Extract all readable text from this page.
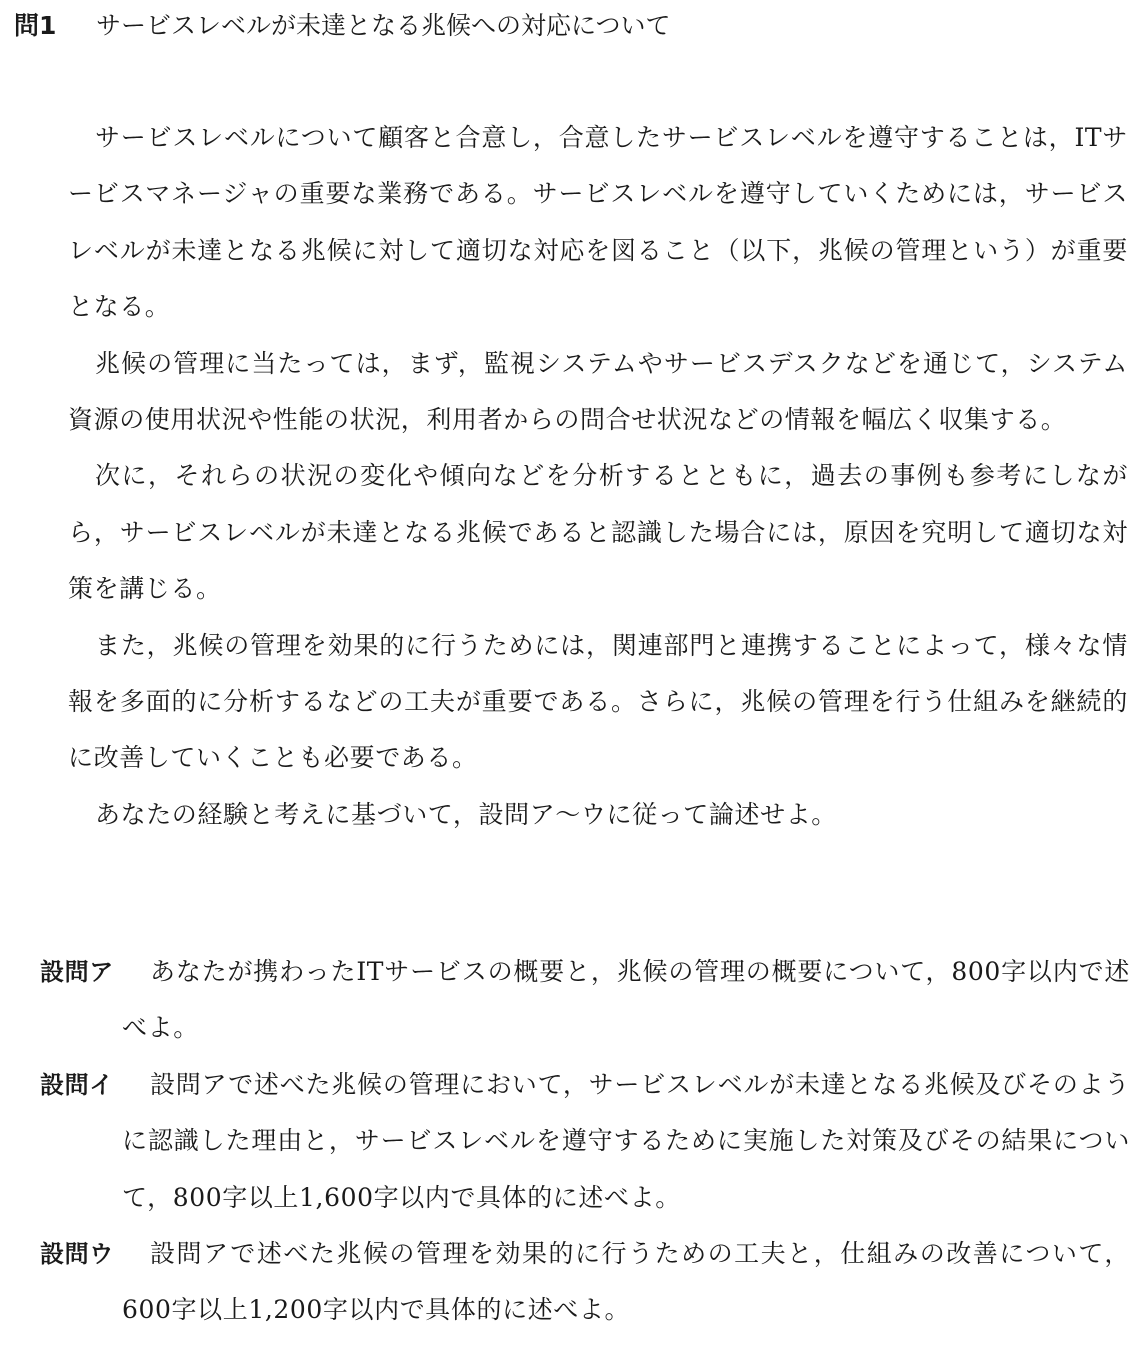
問1 サービスレベルが未達となる兆候への対応について

サービスレベルについて顧客と合意し，合意したサービスレベルを遵守することは，ITサービスマネージャの重要な業務である。サービスレベルを遵守していくためには，サービスレベルが未達となる兆候に対して適切な対応を図ること（以下，兆候の管理という）が重要となる。

兆候の管理に当たっては，まず，監視システムやサービスデスクなどを通じて，システム資源の使用状況や性能の状況，利用者からの問合せ状況などの情報を幅広く収集する。

次に，それらの状況の変化や傾向などを分析するとともに，過去の事例も参考にしながら，サービスレベルが未達となる兆候であると認識した場合には，原因を究明して適切な対策を講じる。

また，兆候の管理を効果的に行うためには，関連部門と連携することによって，様々な情報を多面的に分析するなどの工夫が重要である。さらに，兆候の管理を行う仕組みを継続的に改善していくことも必要である。

あなたの経験と考えに基づいて，設問ア～ウに従って論述せよ。

設問ア	あなたが携わったITサービスの概要と，兆候の管理の概要について，800字以内で述べよ。
設問イ	設問アで述べた兆候の管理において，サービスレベルが未達となる兆候及びそのように認識した理由と，サービスレベルを遵守するために実施した対策及びその結果について，800字以上1,600字以内で具体的に述べよ。
設問ウ	設問アで述べた兆候の管理を効果的に行うための工夫と，仕組みの改善について，600字以上1,200字以内で具体的に述べよ。
